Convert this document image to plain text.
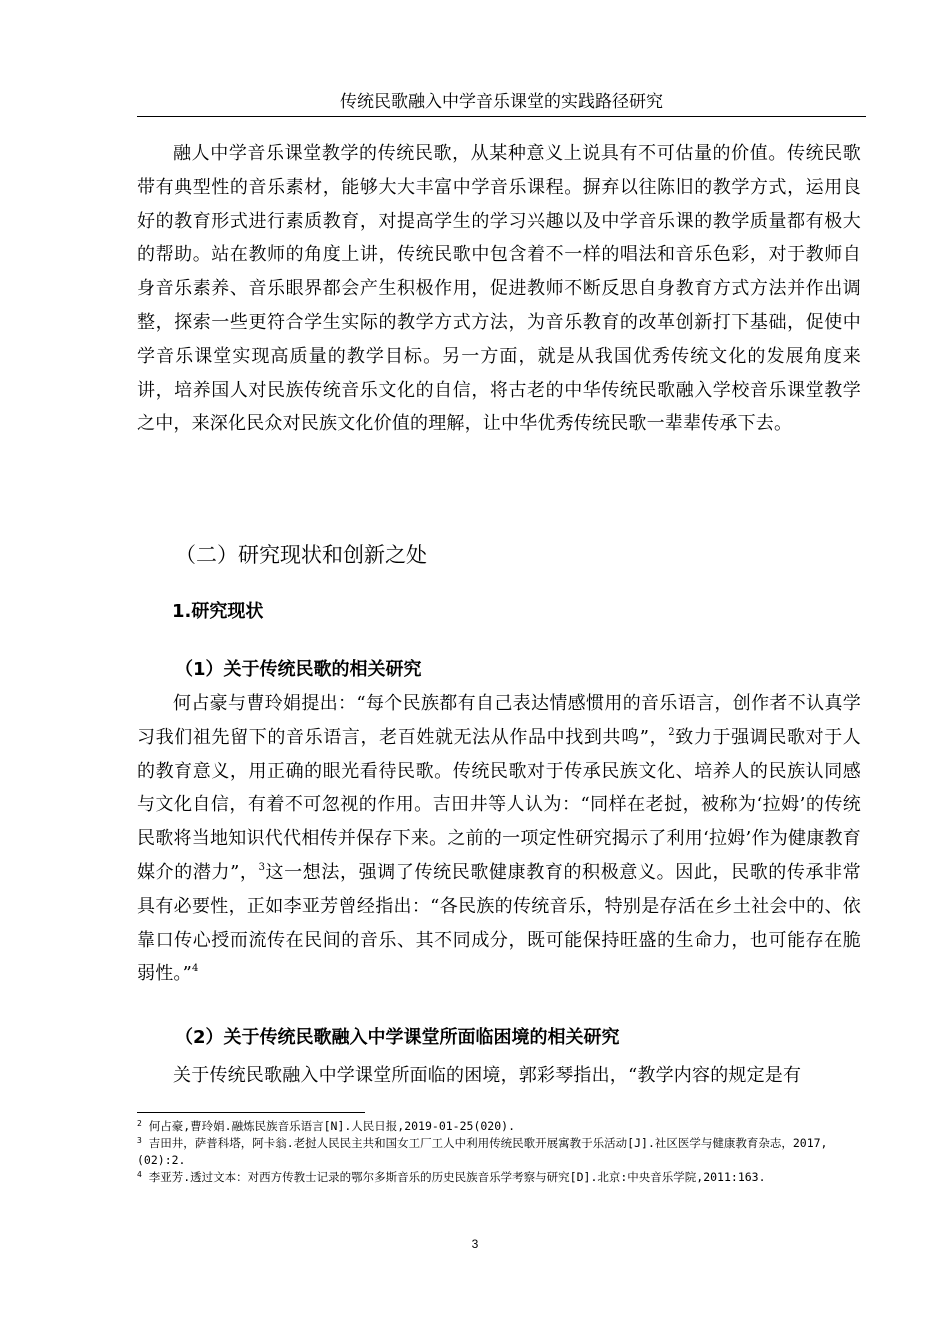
传统民歌融入中学音乐课堂的实践路径研究

融人中学音乐课堂教学的传统民歌，从某种意义上说具有不可估量的价值。传统民歌带有典型性的音乐素材，能够大大丰富中学音乐课程。摒弃以往陈旧的教学方式，运用良好的教育形式进行素质教育，对提高学生的学习兴趣以及中学音乐课的教学质量都有极大的帮助。站在教师的角度上讲，传统民歌中包含着不一样的唱法和音乐色彩，对于教师自身音乐素养、音乐眼界都会产生积极作用，促进教师不断反思自身教育方式方法并作出调整，探索一些更符合学生实际的教学方式方法，为音乐教育的改革创新打下基础，促使中学音乐课堂实现高质量的教学目标。另一方面，就是从我国优秀传统文化的发展角度来讲，培养国人对民族传统音乐文化的自信，将古老的中华传统民歌融入学校音乐课堂教学之中，来深化民众对民族文化价值的理解，让中华优秀传统民歌一辈辈传承下去。

（二）研究现状和创新之处
1.研究现状
（1）关于传统民歌的相关研究

何占豪与曹玲娟提出：“每个民族都有自己表达情感惯用的音乐语言，创作者不认真学习我们祖先留下的音乐语言，老百姓就无法从作品中找到共鸣”，$^2$致力于强调民歌对于人的教育意义，用正确的眼光看待民歌。传统民歌对于传承民族文化、培养人的民族认同感与文化自信，有着不可忽视的作用。吉田井等人认为：“同样在老挝，被称为‘拉姆’的传统民歌将当地知识代代相传并保存下来。之前的一项定性研究揭示了利用‘拉姆’作为健康教育媒介的潜力”，$^3$这一想法，强调了传统民歌健康教育的积极意义。因此，民歌的传承非常具有必要性，正如李亚芳曾经指出：“各民族的传统音乐，特别是存活在乡土社会中的、依靠口传心授而流传在民间的音乐、其不同成分，既可能保持旺盛的生命力，也可能存在脆弱性。”$^4$

（2）关于传统民歌融入中学课堂所面临困境的相关研究

关于传统民歌融入中学课堂所面临的困境，郭彩琴指出，“教学内容的规定是有

$^2$ 何占豪,曹玲娟.融炼民族音乐语言[N].人民日报,2019-01-25(020).

$^3$ 吉田井，萨普科塔，阿卡翁.老挝人民民主共和国女工厂工人中利用传统民歌开展寓教于乐活动[J].社区医学与健康教育杂志，2017,(02):2.

$^4$ 李亚芳.透过文本：对西方传教士记录的鄂尔多斯音乐的历史民族音乐学考察与研究[D].北京:中央音乐学院,2011:163.

3
